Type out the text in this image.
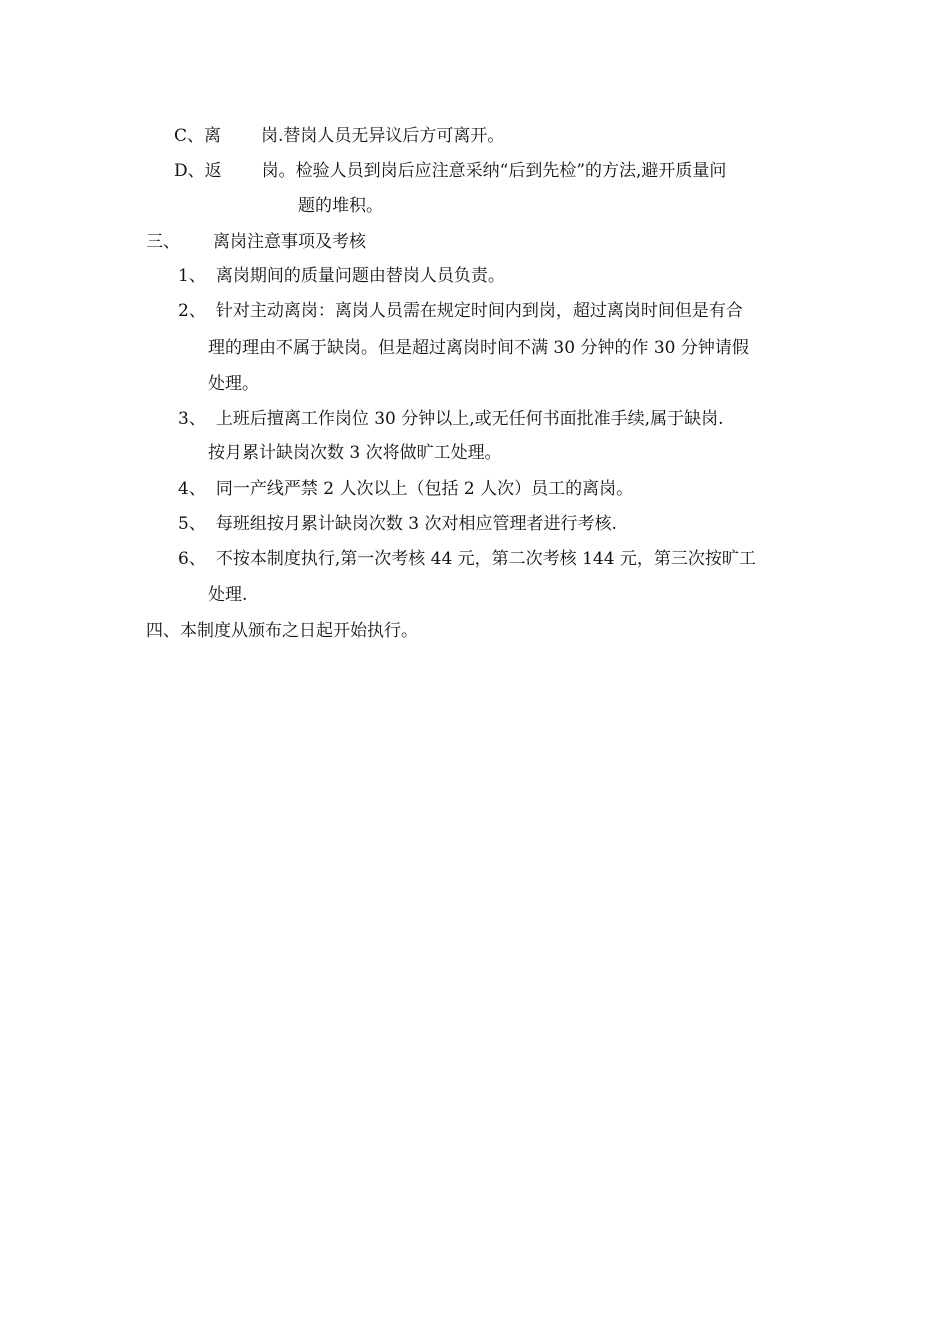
C、离 岗.替岗人员无异议后方可离开。
D、返 岗。检验人员到岗后应注意采纳“后到先检”的方法,避开质量问
题的堆积。
三、 离岗注意事项及考核
1、 离岗期间的质量问题由替岗人员负责。
2、 针对主动离岗：离岗人员需在规定时间内到岗，超过离岗时间但是有合
理的理由不属于缺岗。但是超过离岗时间不满 30 分钟的作 30 分钟请假
处理。
3、 上班后擅离工作岗位 30 分钟以上,或无任何书面批准手续,属于缺岗.
按月累计缺岗次数 3 次将做旷工处理。
4、 同一产线严禁 2 人次以上（包括 2 人次）员工的离岗。
5、 每班组按月累计缺岗次数 3 次对相应管理者进行考核.
6、 不按本制度执行,第一次考核 44 元，第二次考核 144 元，第三次按旷工
处理.
四、本制度从颁布之日起开始执行。
